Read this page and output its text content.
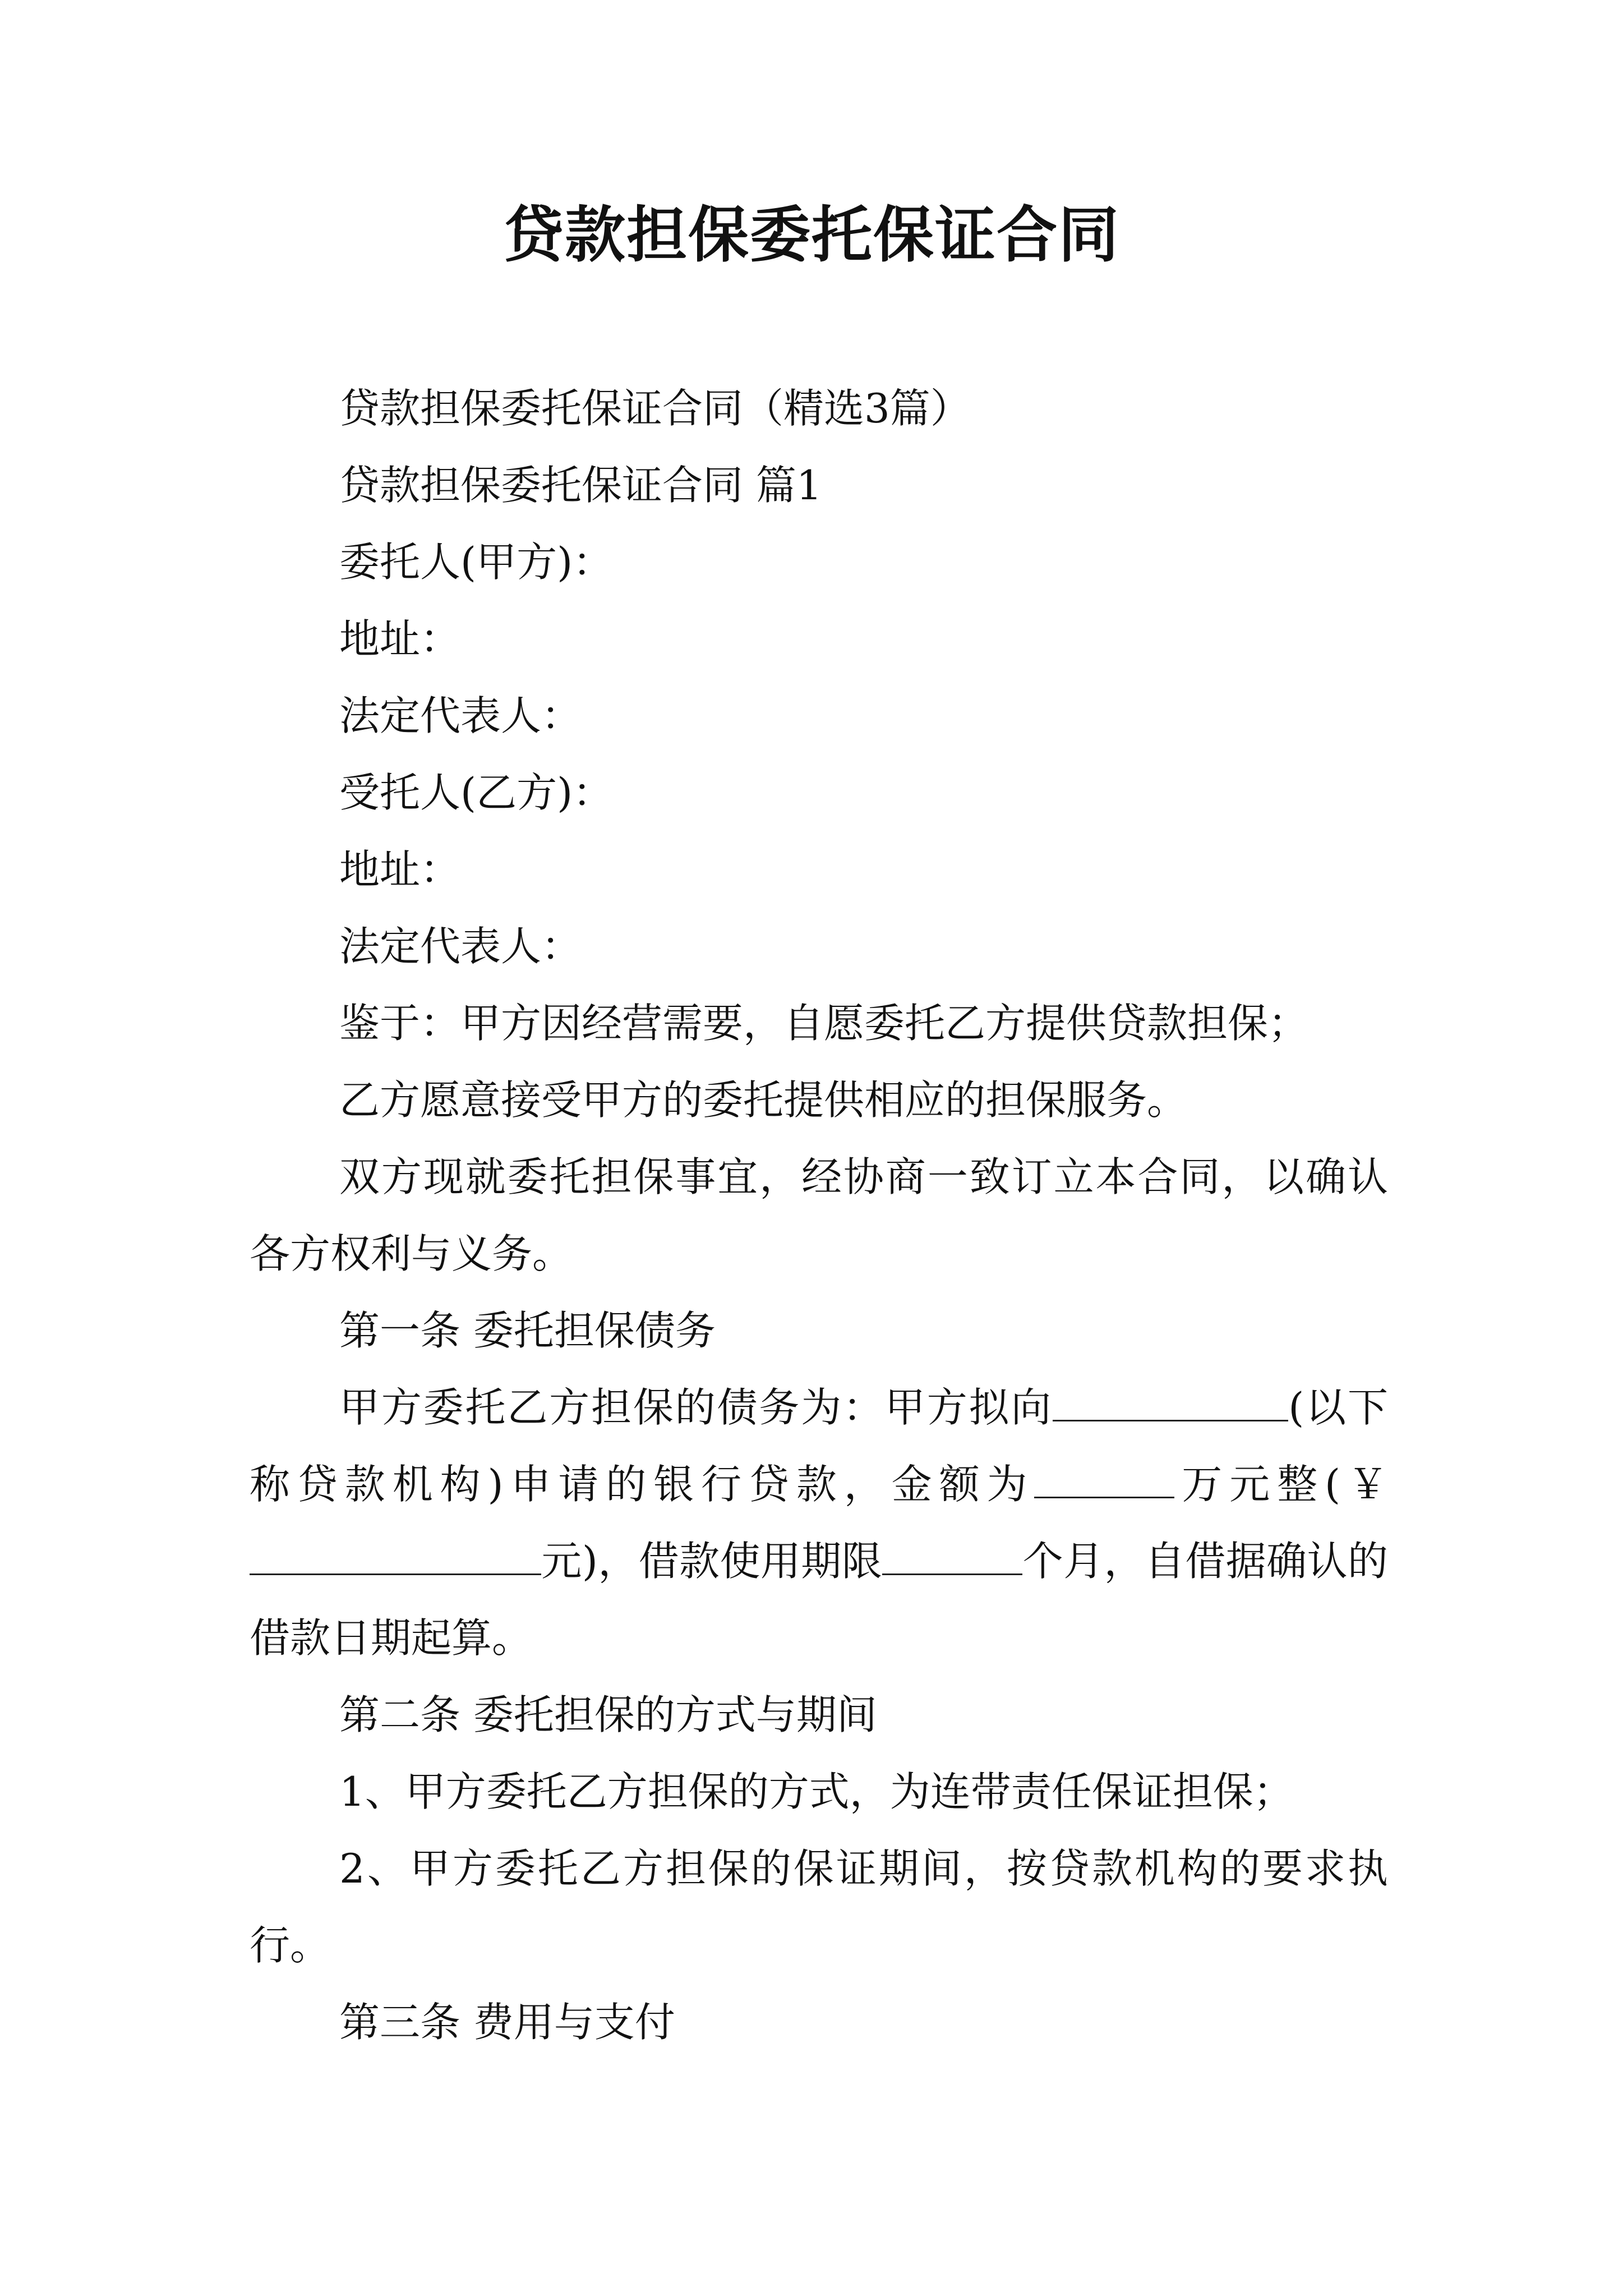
贷款担保委托保证合同

贷款担保委托保证合同（精选3篇）

贷款担保委托保证合同 篇1

委托人(甲方)：

地址：

法定代表人：

受托人(乙方)：

地址：

法定代表人：

鉴于：甲方因经营需要，自愿委托乙方提供贷款担保；

乙方愿意接受甲方的委托提供相应的担保服务。

双方现就委托担保事宜，经协商一致订立本合同，以确认各方权利与义务。

第一条 委托担保债务

甲方委托乙方担保的债务为：甲方拟向	(以下称贷款机构)申请的银行贷款，金额为	万元整(￥元)，借款使用期限	个月，自借据确认的借款日期起算。

第二条 委托担保的方式与期间

1、甲方委托乙方担保的方式，为连带责任保证担保；

2、甲方委托乙方担保的保证期间，按贷款机构的要求执行。

第三条 费用与支付
